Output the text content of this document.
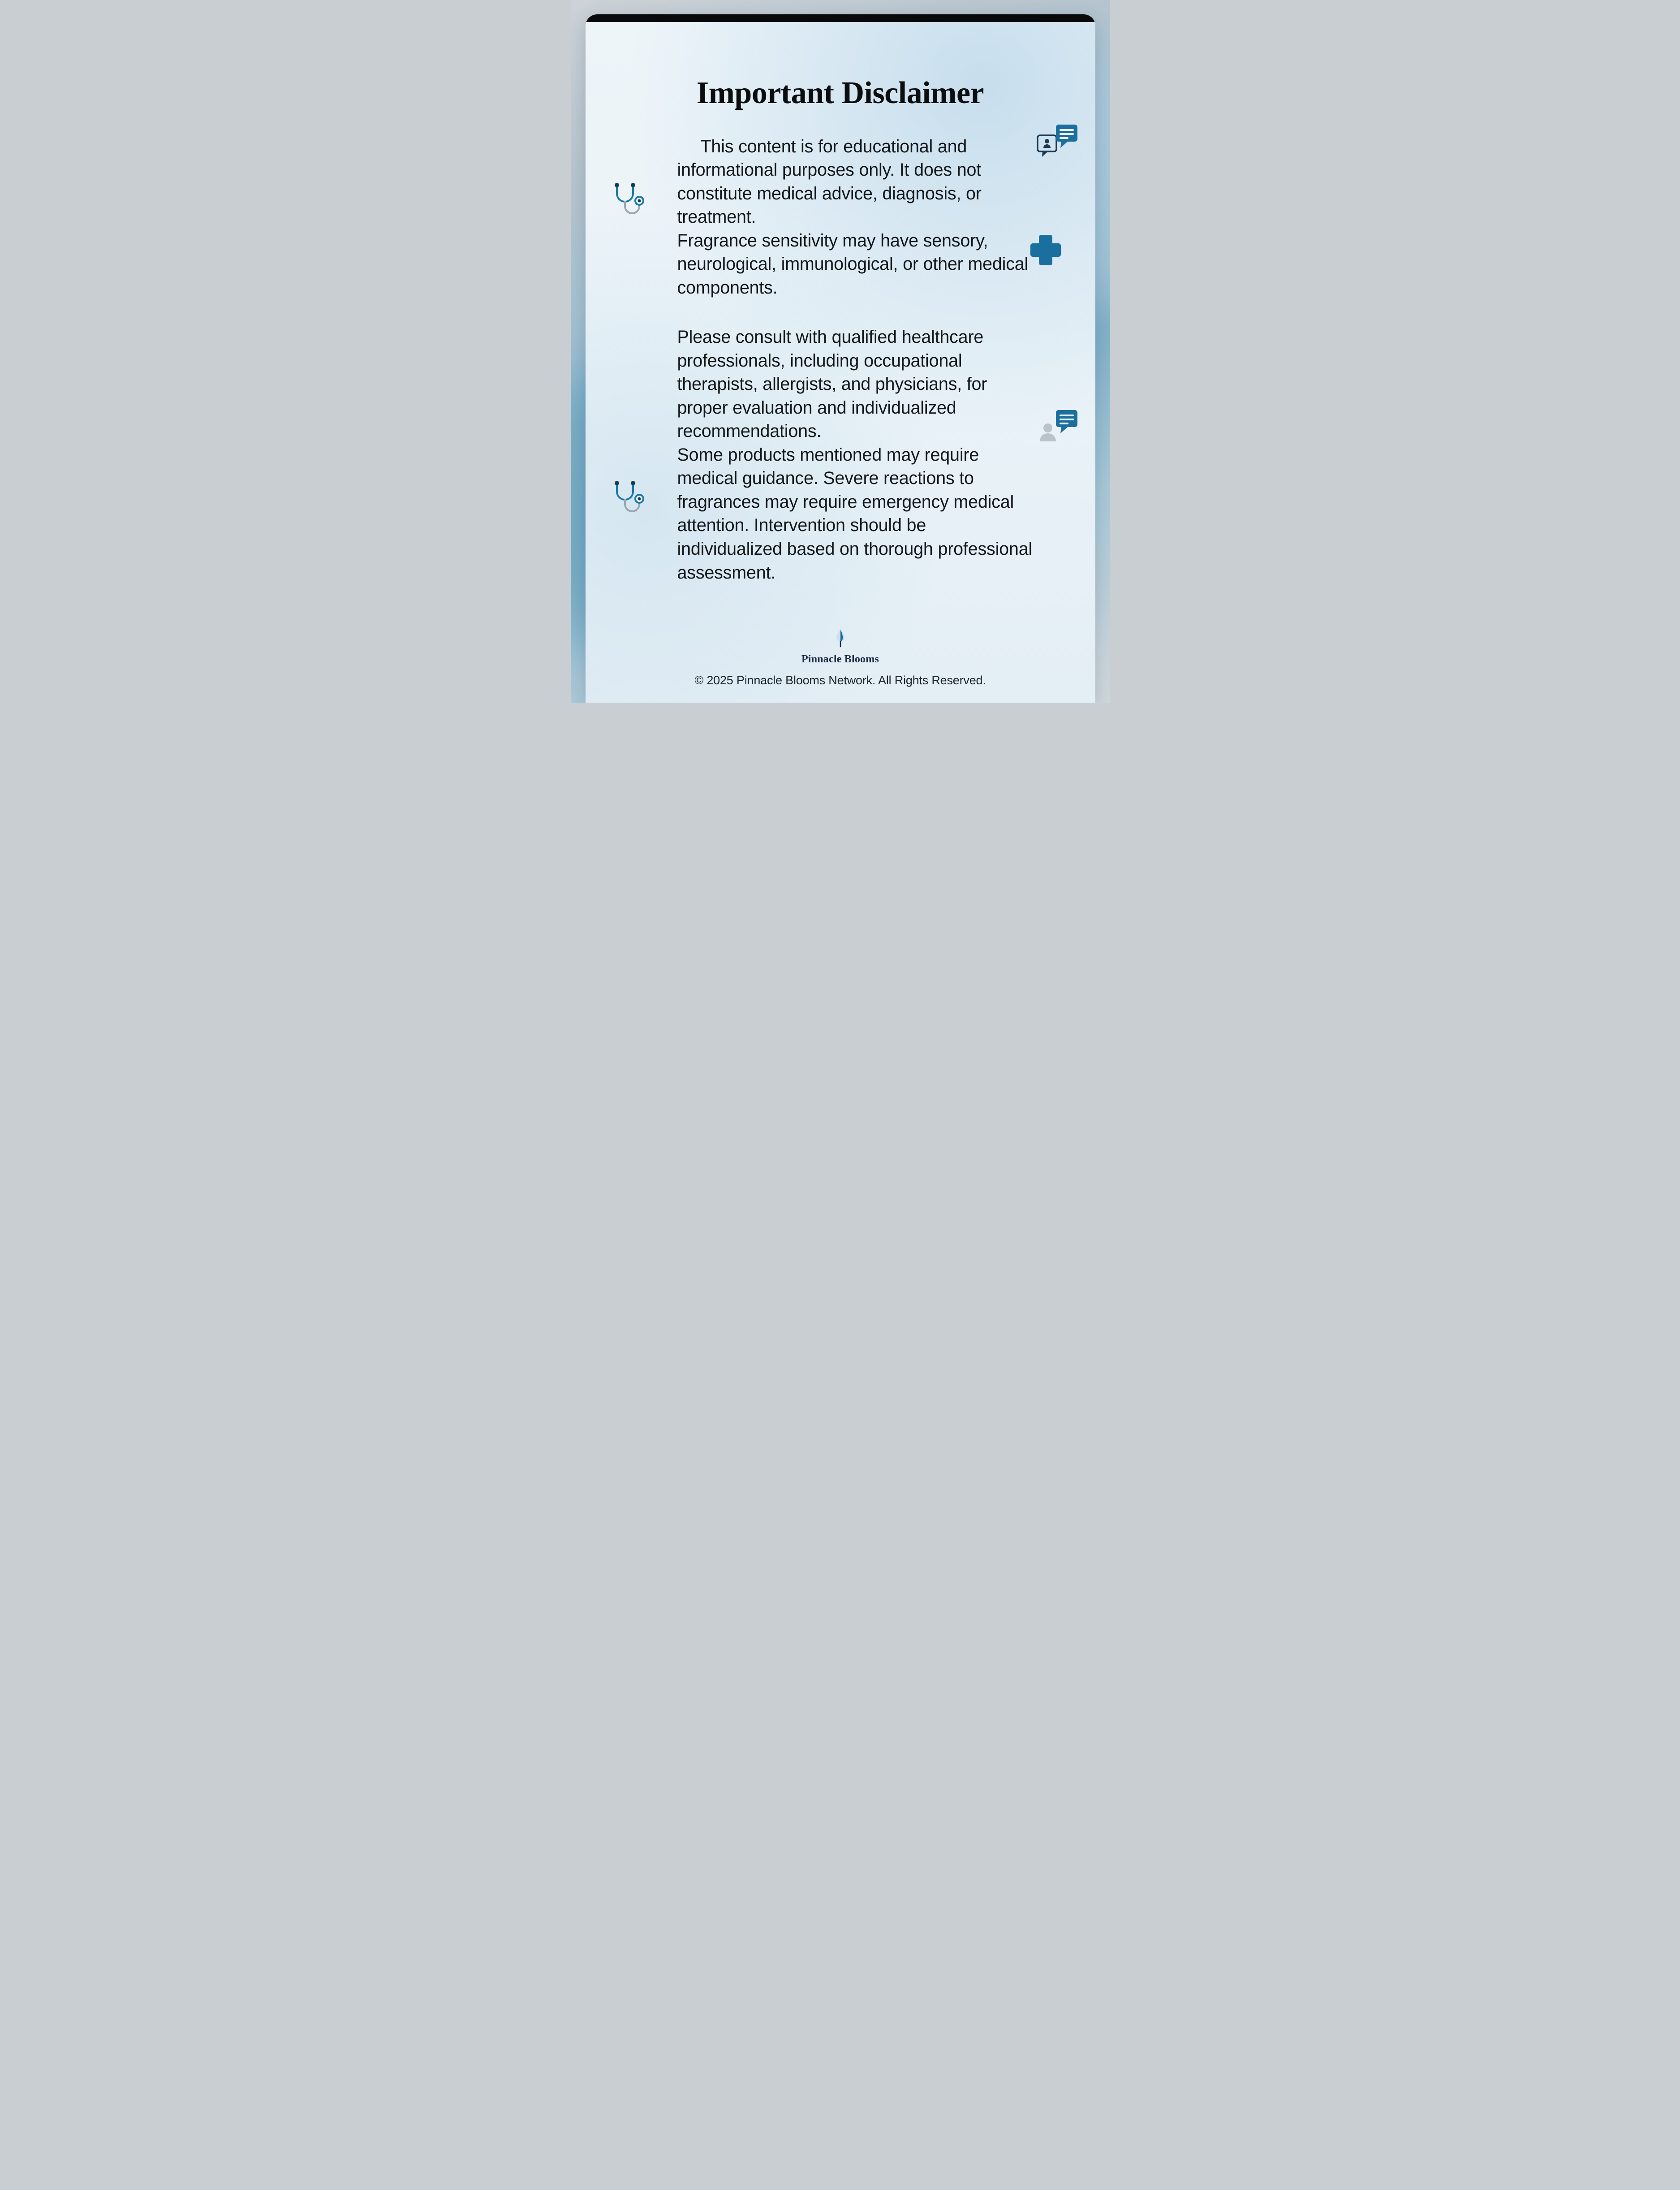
Important Disclaimer

This content is for educational and informational purposes only. It does not constitute medical advice, diagnosis, or treatment.

Fragrance sensitivity may have sensory, neurological, immunological, or other medical components.

Please consult with qualified healthcare professionals, including occupational therapists, allergists, and physicians, for proper evaluation and individualized recommendations.

Some products mentioned may require medical guidance. Severe reactions to fragrances may require emergency medical attention. Intervention should be individualized based on thorough professional assessment.

Pinnacle Blooms
© 2025 Pinnacle Blooms Network. All Rights Reserved.
